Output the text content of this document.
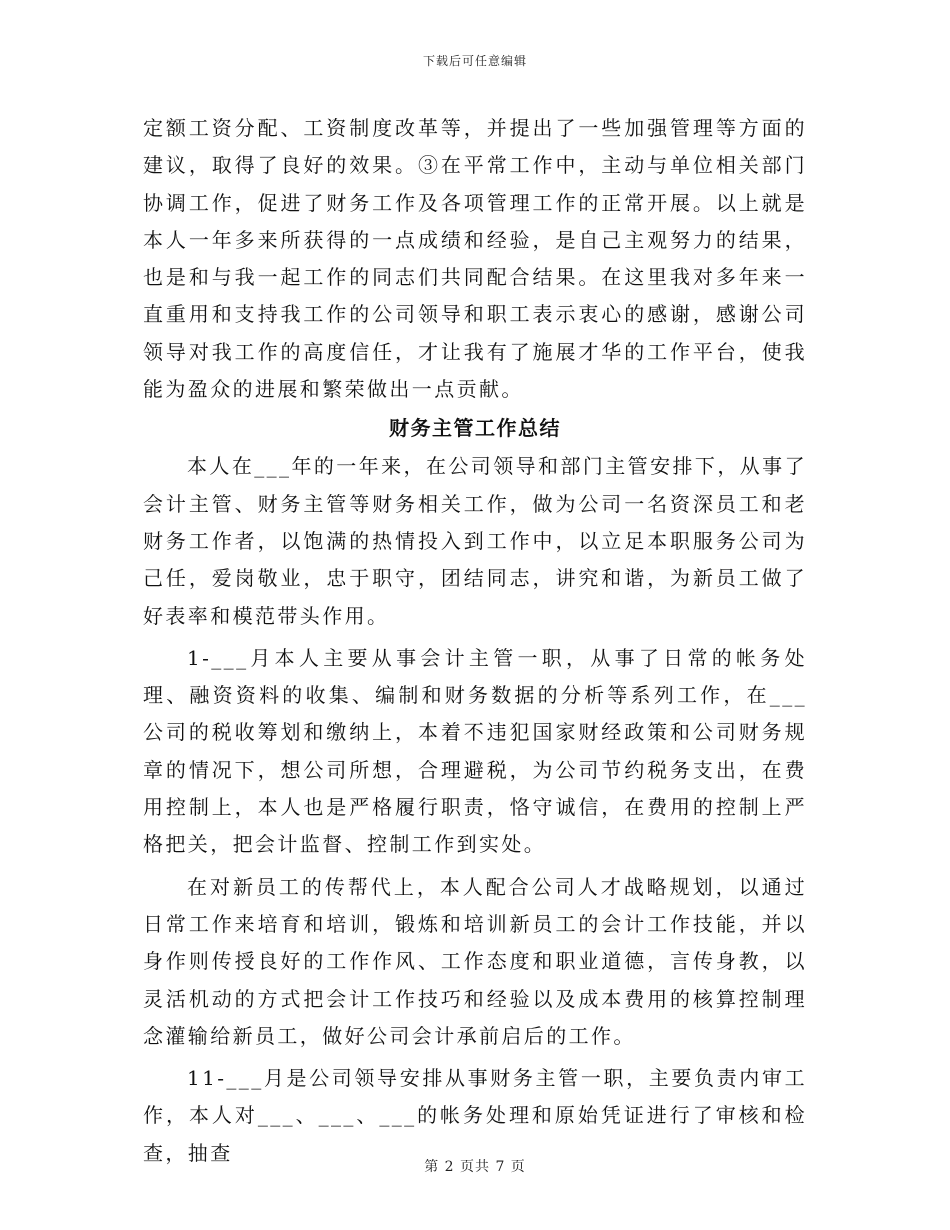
下载后可任意编辑

定额工资分配、工资制度改革等，并提出了一些加强管理等方面的建议，取得了良好的效果。③在平常工作中，主动与单位相关部门协调工作，促进了财务工作及各项管理工作的正常开展。以上就是本人一年多来所获得的一点成绩和经验，是自己主观努力的结果，也是和与我一起工作的同志们共同配合结果。在这里我对多年来一直重用和支持我工作的公司领导和职工表示衷心的感谢，感谢公司领导对我工作的高度信任，才让我有了施展才华的工作平台，使我能为盈众的进展和繁荣做出一点贡献。

财务主管工作总结

本人在___年的一年来，在公司领导和部门主管安排下，从事了会计主管、财务主管等财务相关工作，做为公司一名资深员工和老财务工作者，以饱满的热情投入到工作中，以立足本职服务公司为己任，爱岗敬业，忠于职守，团结同志，讲究和谐，为新员工做了好表率和模范带头作用。

1-___月本人主要从事会计主管一职，从事了日常的帐务处理、融资资料的收集、编制和财务数据的分析等系列工作，在___公司的税收筹划和缴纳上，本着不违犯国家财经政策和公司财务规章的情况下，想公司所想，合理避税，为公司节约税务支出，在费用控制上，本人也是严格履行职责，恪守诚信，在费用的控制上严格把关，把会计监督、控制工作到实处。

在对新员工的传帮代上，本人配合公司人才战略规划，以通过日常工作来培育和培训，锻炼和培训新员工的会计工作技能，并以身作则传授良好的工作作风、工作态度和职业道德，言传身教，以灵活机动的方式把会计工作技巧和经验以及成本费用的核算控制理念灌输给新员工，做好公司会计承前启后的工作。

11-___月是公司领导安排从事财务主管一职，主要负责内审工作，本人对___、___、___的帐务处理和原始凭证进行了审核和检查，抽查

第 2 页共 7 页
